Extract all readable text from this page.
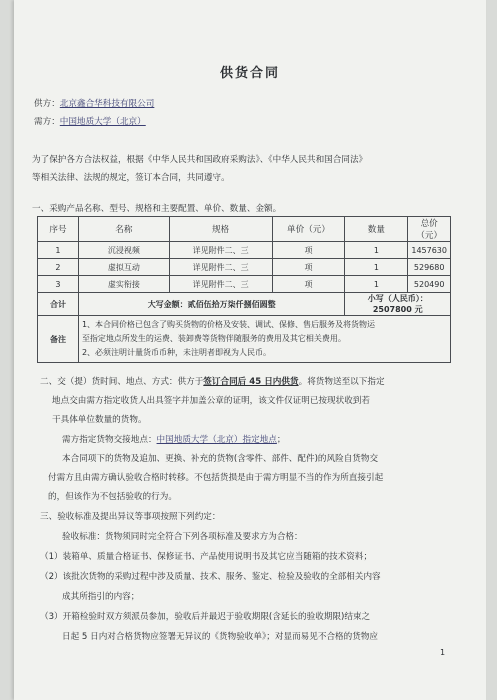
供货合同
供方：北京鑫合华科技有限公司
需方：中国地质大学（北京）
为了保护各方合法权益，根据《中华人民共和国政府采购法》、《中华人民共和国合同法》
等相关法律、法规的规定，签订本合同，共同遵守。
一、采购产品名称、型号、规格和主要配置、单价、数量、金额。
序号	名称	规格	单价（元）	数量	总价（元）
1	沉浸视频	详见附件二、三	项	1	1457630
2	虚拟互动	详见附件二、三	项	1	529680
3	虚实衔接	详见附件二、三	项	1	520490
合计	大写金额：贰佰伍拾万柒仟捌佰圆整			小写（人民币）：2507800 元	
备注	1、本合同价格已包含了购买货物的价格及安装、调试、保修、售后服务及将货物运
至指定地点所发生的运费、装卸费等货物伴随服务的费用及其它相关费用。
2、必须注明计量货币币种，未注明者即视为人民币。				
二、交（提）货时间、地点、方式：供方于签订合同后 45 日内供货。将货物送至以下指定
地点交由需方指定收货人出具签字并加盖公章的证明，该文件仅证明已按现状收到若
干具体单位数量的货物。
需方指定货物交接地点：中国地质大学（北京）指定地点；
本合同项下的货物及追加、更换、补充的货物(含零件、部件、配件)的风险自货物交
付需方且由需方确认验收合格时转移。不包括货损是由于需方明显不当的作为所直接引起
的，但该作为不包括验收的行为。
三、验收标准及提出异议等事项按照下列约定：
验收标准：货物须同时完全符合下列各项标准及要求方为合格：
（1）装箱单、质量合格证书、保修证书、产品使用说明书及其它应当随箱的技术资料；
（2）该批次货物的采购过程中涉及质量、技术、服务、鉴定、检验及验收的全部相关内容
成其所指引的内容；
（3）开箱检验时双方须派员参加，验收后并最迟于验收期限(含延长的验收期限)结束之
日起 5 日内对合格货物应签署无异议的《货物验收单》；对显而易见不合格的货物应
1
